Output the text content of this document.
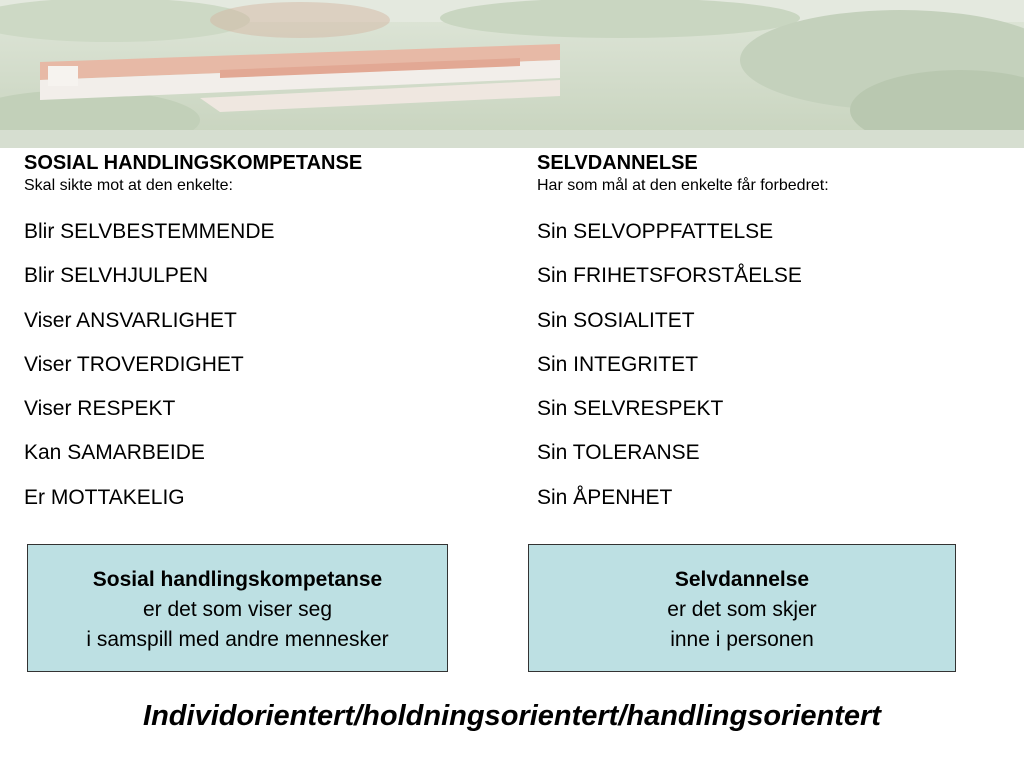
SOSIAL HANDLINGSKOMPETANSE

Skal sikte mot at den enkelte:

Blir SELVBESTEMMENDE
Blir SELVHJULPEN
Viser ANSVARLIGHET
Viser TROVERDIGHET
Viser RESPEKT
Kan SAMARBEIDE
Er MOTTAKELIG

SELVDANNELSE

Har som mål at den enkelte får forbedret:

Sin SELVOPPFATTELSE
Sin FRIHETSFORSTÅELSE
Sin SOSIALITET
Sin INTEGRITET
Sin SELVRESPEKT
Sin TOLERANSE
Sin ÅPENHET
Sosial handlingskompetanse
er det som viser seg
i samspill med andre mennesker
Selvdannelse
er det som skjer
inne i personen
Individorientert/holdningsorientert/handlingsorientert
